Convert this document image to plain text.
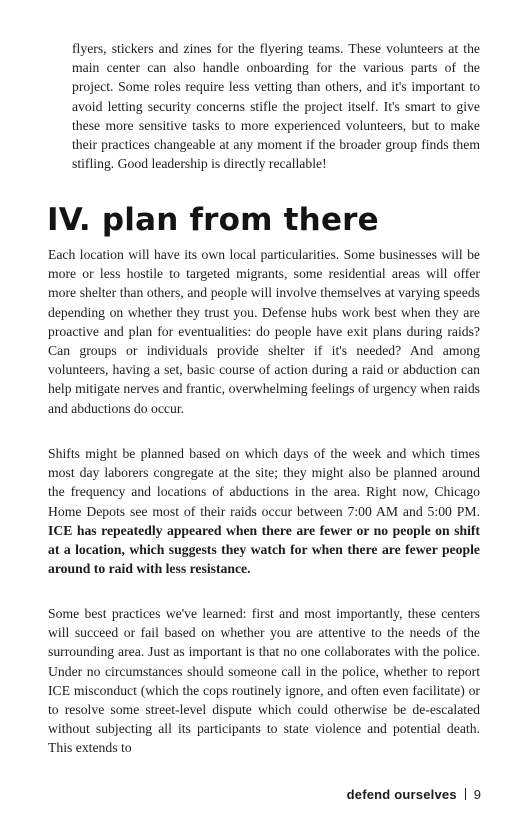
flyers, stickers and zines for the flyering teams. These volunteers at the main center can also handle onboarding for the various parts of the project. Some roles require less vetting than others, and it's important to avoid letting security concerns stifle the project itself. It's smart to give these more sensitive tasks to more experienced volunteers, but to make their practices changeable at any moment if the broader group finds them stifling. Good leadership is directly recallable!

IV. plan from there

Each location will have its own local particularities. Some businesses will be more or less hostile to targeted migrants, some residential areas will offer more shelter than others, and people will involve themselves at varying speeds depending on whether they trust you. Defense hubs work best when they are proactive and plan for eventualities: do people have exit plans during raids? Can groups or individuals provide shelter if it's needed? And among volunteers, having a set, basic course of action during a raid or abduction can help mitigate nerves and frantic, overwhelming feelings of urgency when raids and abductions do occur.

Shifts might be planned based on which days of the week and which times most day laborers congregate at the site; they might also be planned around the frequency and locations of abductions in the area. Right now, Chicago Home Depots see most of their raids occur between 7:00 AM and 5:00 PM. ICE has repeatedly appeared when there are fewer or no people on shift at a location, which suggests they watch for when there are fewer people around to raid with less resistance.

Some best practices we've learned: first and most importantly, these centers will succeed or fail based on whether you are attentive to the needs of the surrounding area. Just as important is that no one collaborates with the police. Under no circumstances should someone call in the police, whether to report ICE misconduct (which the cops routinely ignore, and often even facilitate) or to resolve some street-level dispute which could otherwise be de-escalated without subjecting all its participants to state violence and potential death. This extends to

defend ourselves 9
